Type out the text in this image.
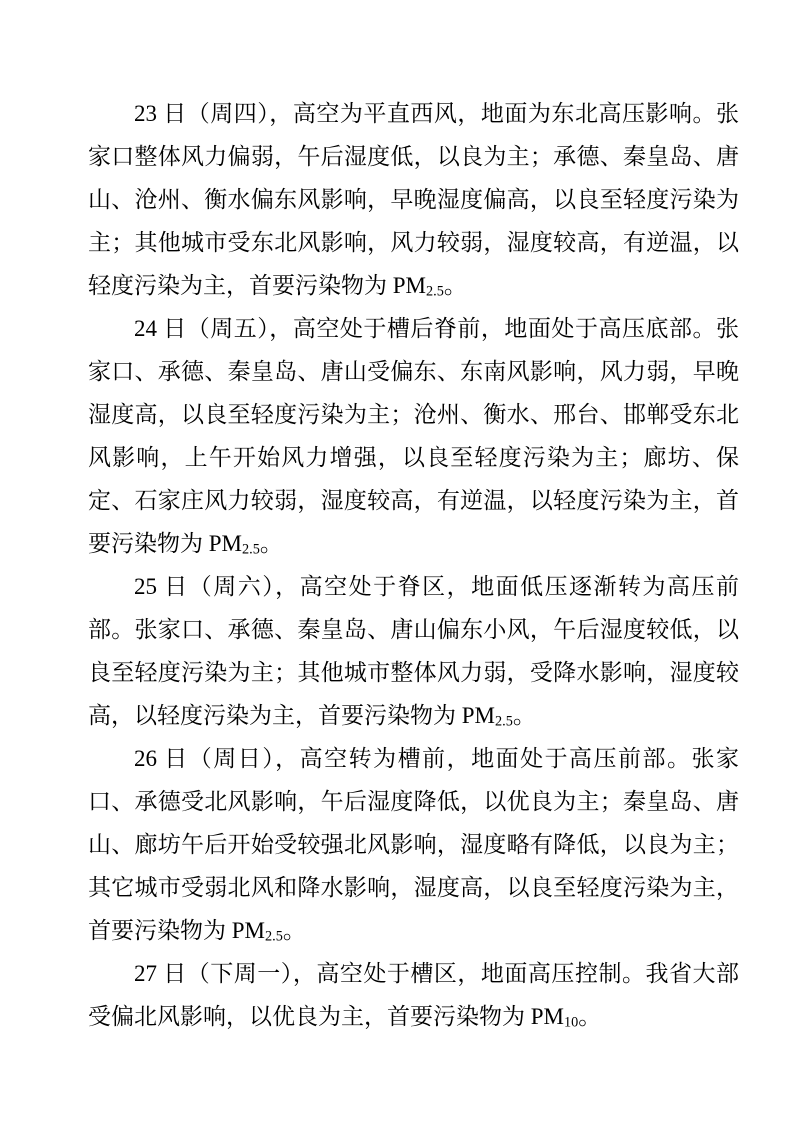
23 日（周四），高空为平直西风，地面为东北高压影响。张家口整体风力偏弱，午后湿度低，以良为主；承德、秦皇岛、唐山、沧州、衡水偏东风影响，早晚湿度偏高，以良至轻度污染为主；其他城市受东北风影响，风力较弱，湿度较高，有逆温，以轻度污染为主，首要污染物为 $PM_{2.5}$。

24 日（周五），高空处于槽后脊前，地面处于高压底部。张家口、承德、秦皇岛、唐山受偏东、东南风影响，风力弱，早晚湿度高，以良至轻度污染为主；沧州、衡水、邢台、邯郸受东北风影响，上午开始风力增强，以良至轻度污染为主；廊坊、保定、石家庄风力较弱，湿度较高，有逆温，以轻度污染为主，首要污染物为 $PM_{2.5}$。

25 日（周六），高空处于脊区，地面低压逐渐转为高压前部。张家口、承德、秦皇岛、唐山偏东小风，午后湿度较低，以良至轻度污染为主；其他城市整体风力弱，受降水影响，湿度较高，以轻度污染为主，首要污染物为 $PM_{2.5}$。

26 日（周日），高空转为槽前，地面处于高压前部。张家口、承德受北风影响，午后湿度降低，以优良为主；秦皇岛、唐山、廊坊午后开始受较强北风影响，湿度略有降低，以良为主；其它城市受弱北风和降水影响，湿度高，以良至轻度污染为主，首要污染物为 $PM_{2.5}$。

27 日（下周一），高空处于槽区，地面高压控制。我省大部受偏北风影响，以优良为主，首要污染物为 $PM_{10}$。
